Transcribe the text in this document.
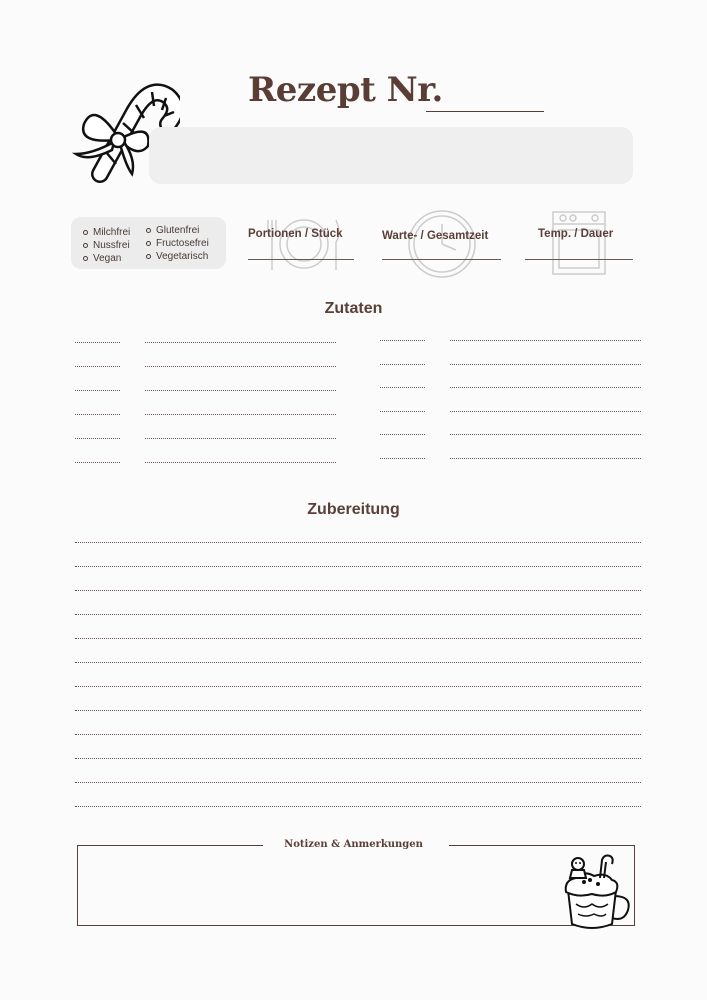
Rezept Nr.
Milchfrei
Nussfrei
Vegan
Glutenfrei
Fructosefrei
Vegetarisch
Portionen / Stück	Warte- / Gesamtzeit	Temp. / Dauer
Zutaten
Zubereitung
Notizen & Anmerkungen
